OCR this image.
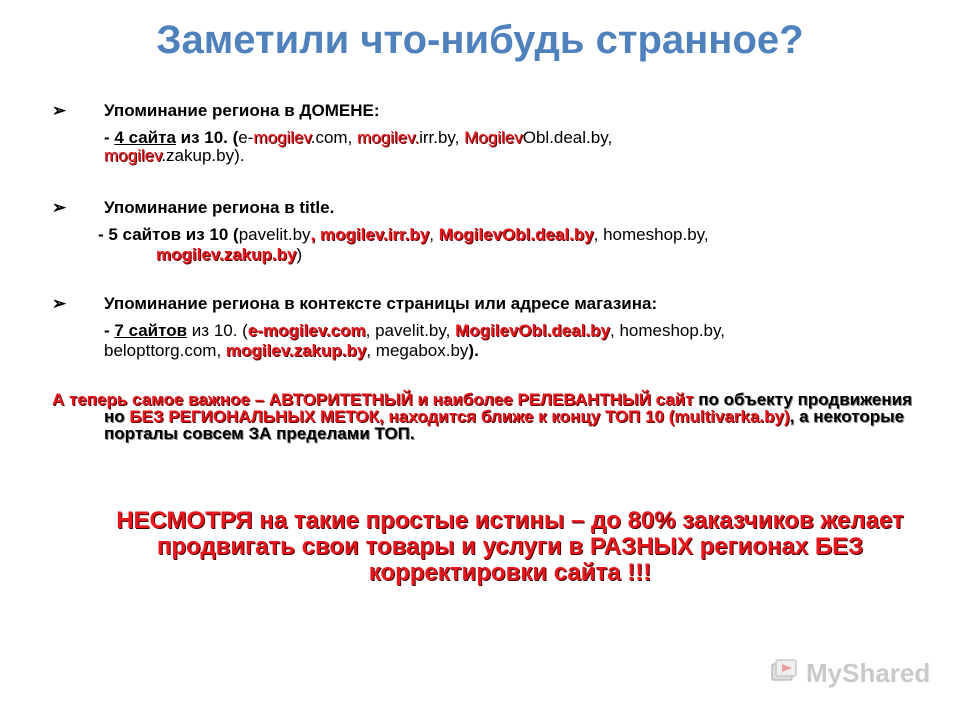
Заметили что-нибудь странное?
➢ Упоминание региона в ДОМЕНЕ:
- 4 сайта из 10. (e-mogilev.com, mogilev.irr.by, MogilevObl.deal.by,
mogilev.zakup.by).
➢ Упоминание региона в title.
- 5 сайтов из 10 (pavelit.by, mogilev.irr.by, MogilevObl.deal.by, homeshop.by,
mogilev.zakup.by)
➢ Упоминание региона в контексте страницы или адресе магазина:
- 7 сайтов из 10. (e-mogilev.com, pavelit.by, MogilevObl.deal.by, homeshop.by,
belopttorg.com, mogilev.zakup.by, megabox.by).
А теперь самое важное – АВТОРИТЕТНЫЙ и наиболее РЕЛЕВАНТНЫЙ сайт по объекту продвижения но БЕЗ РЕГИОНАЛЬНЫХ МЕТОК, находится ближе к концу ТОП 10 (multivarka.by), а некоторые порталы совсем ЗА пределами ТОП.
НЕСМОТРЯ на такие простые истины – до 80% заказчиков желает продвигать свои товары и услуги в РАЗНЫХ регионах БЕЗ корректировки сайта !!!
MyShared
